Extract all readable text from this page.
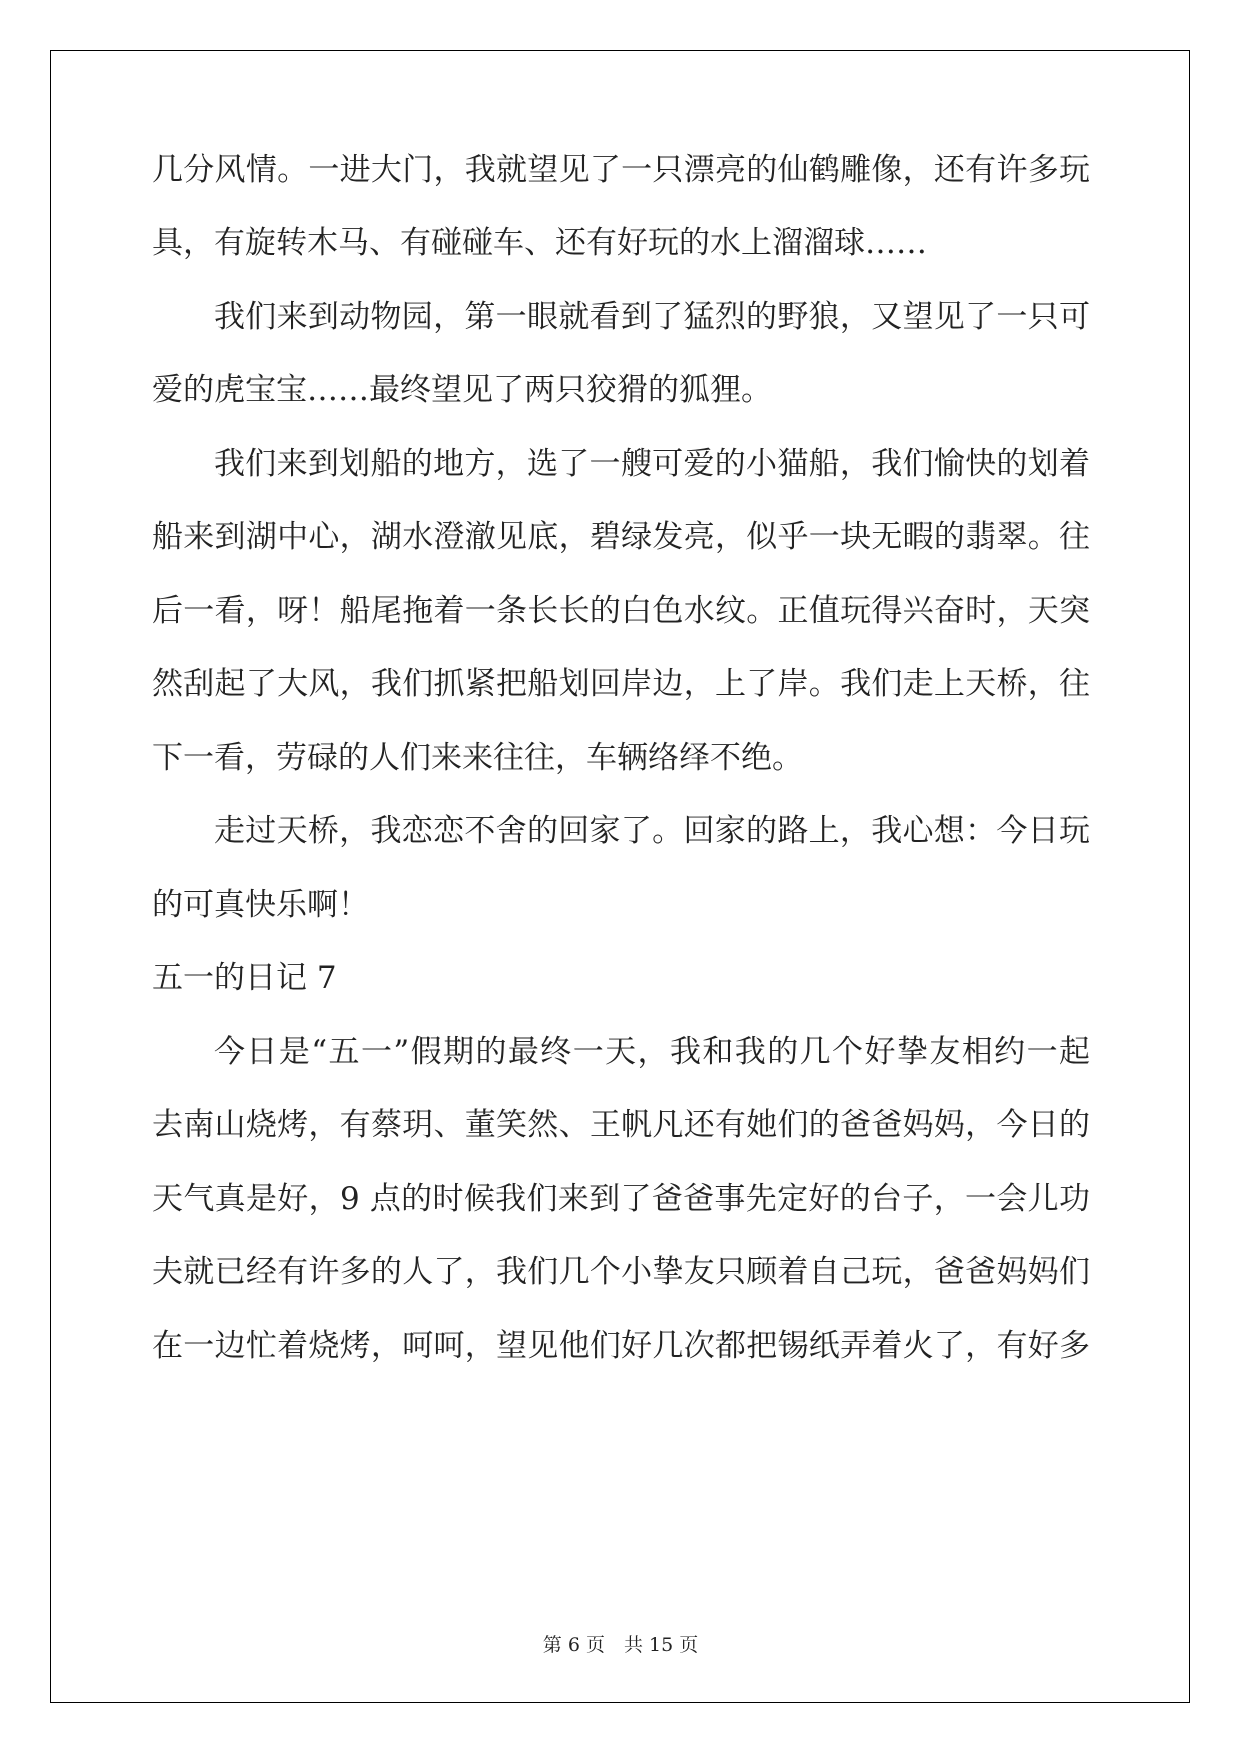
几分风情。一进大门，我就望见了一只漂亮的仙鹤雕像，还有许多玩

具，有旋转木马、有碰碰车、还有好玩的水上溜溜球……

我们来到动物园，第一眼就看到了猛烈的野狼，又望见了一只可

爱的虎宝宝……最终望见了两只狡猾的狐狸。

我们来到划船的地方，选了一艘可爱的小猫船，我们愉快的划着

船来到湖中心，湖水澄澈见底，碧绿发亮，似乎一块无暇的翡翠。往

后一看，呀！船尾拖着一条长长的白色水纹。正值玩得兴奋时，天突

然刮起了大风，我们抓紧把船划回岸边，上了岸。我们走上天桥，往

下一看，劳碌的人们来来往往，车辆络绎不绝。

走过天桥，我恋恋不舍的回家了。回家的路上，我心想：今日玩

的可真快乐啊！

五一的日记 7

今日是“五一”假期的最终一天，我和我的几个好挚友相约一起

去南山烧烤，有蔡玥、董笑然、王帆凡还有她们的爸爸妈妈，今日的

天气真是好，9 点的时候我们来到了爸爸事先定好的台子，一会儿功

夫就已经有许多的人了，我们几个小挚友只顾着自己玩，爸爸妈妈们

在一边忙着烧烤，呵呵，望见他们好几次都把锡纸弄着火了，有好多

第 6 页　共 15 页
